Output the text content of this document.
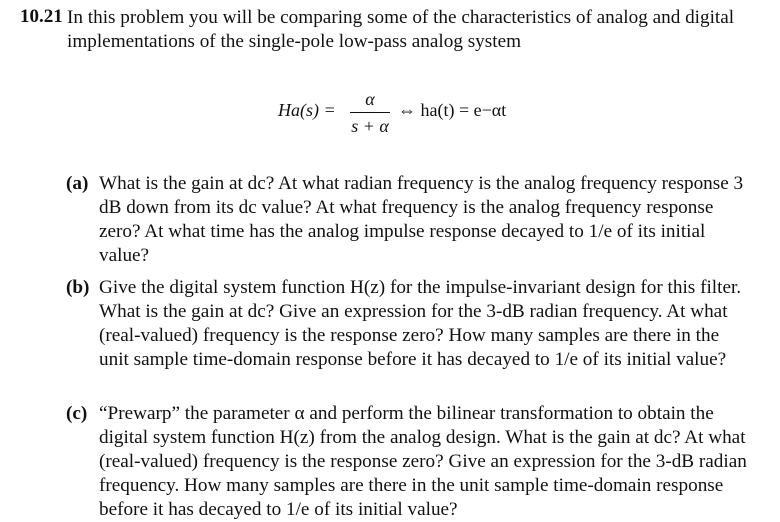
10.21 In this problem you will be comparing some of the characteristics of analog and digital implementations of the single-pole low-pass analog system
Ha(s) =
α
s + α
⇔ ha(t) = e−αt
(a) What is the gain at dc? At what radian frequency is the analog frequency response 3 dB down from its dc value? At what frequency is the analog frequency response zero? At what time has the analog impulse response decayed to 1/e of its initial value?
(b) Give the digital system function H(z) for the impulse-invariant design for this filter. What is the gain at dc? Give an expression for the 3-dB radian frequency. At what (real-valued) frequency is the response zero? How many samples are there in the unit sample time-domain response before it has decayed to 1/e of its initial value?
(c) “Prewarp” the parameter α and perform the bilinear transformation to obtain the digital system function H(z) from the analog design. What is the gain at dc? At what (real-valued) frequency is the response zero? Give an expression for the 3-dB radian frequency. How many samples are there in the unit sample time-domain response before it has decayed to 1/e of its initial value?
